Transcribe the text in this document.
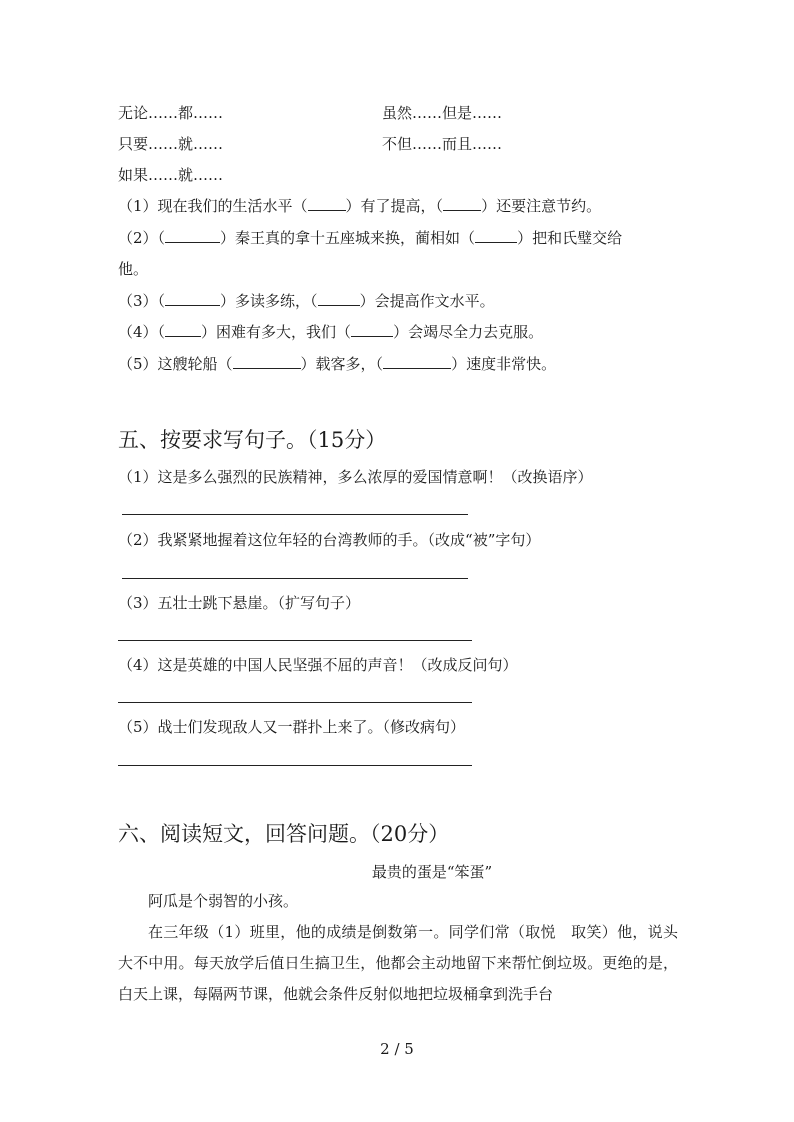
无论……都……	虽然……但是……
只要……就……	不但……而且……
如果……就……
（1）现在我们的生活水平（	）有了提高，（	）还要注意节约。
（2）（	）秦王真的拿十五座城来换，蔺相如（	）把和氏璧交给
他。
（3）（	）多读多练，（	）会提高作文水平。
（4）（ ）困难有多大，我们（	）会竭尽全力去克服。
（5）这艘轮船（	）载客多，（	）速度非常快。
五、按要求写句子。（15分）
（1）这是多么强烈的民族精神，多么浓厚的爱国情意啊！（改换语序）
（2）我紧紧地握着这位年轻的台湾教师的手。（改成“被”字句）
（3）五壮士跳下悬崖。（扩写句子）
（4）这是英雄的中国人民坚强不屈的声音！（改成反问句）
（5）战士们发现敌人又一群扑上来了。（修改病句）
六、阅读短文，回答问题。（20分）
最贵的蛋是“笨蛋”
阿瓜是个弱智的小孩。
在三年级（1）班里，他的成绩是倒数第一。同学们常（取悦　取笑）他，说头大不中用。每天放学后值日生搞卫生，他都会主动地留下来帮忙倒垃圾。更绝的是，白天上课，每隔两节课，他就会条件反射似地把垃圾桶拿到洗手台
2 / 5
